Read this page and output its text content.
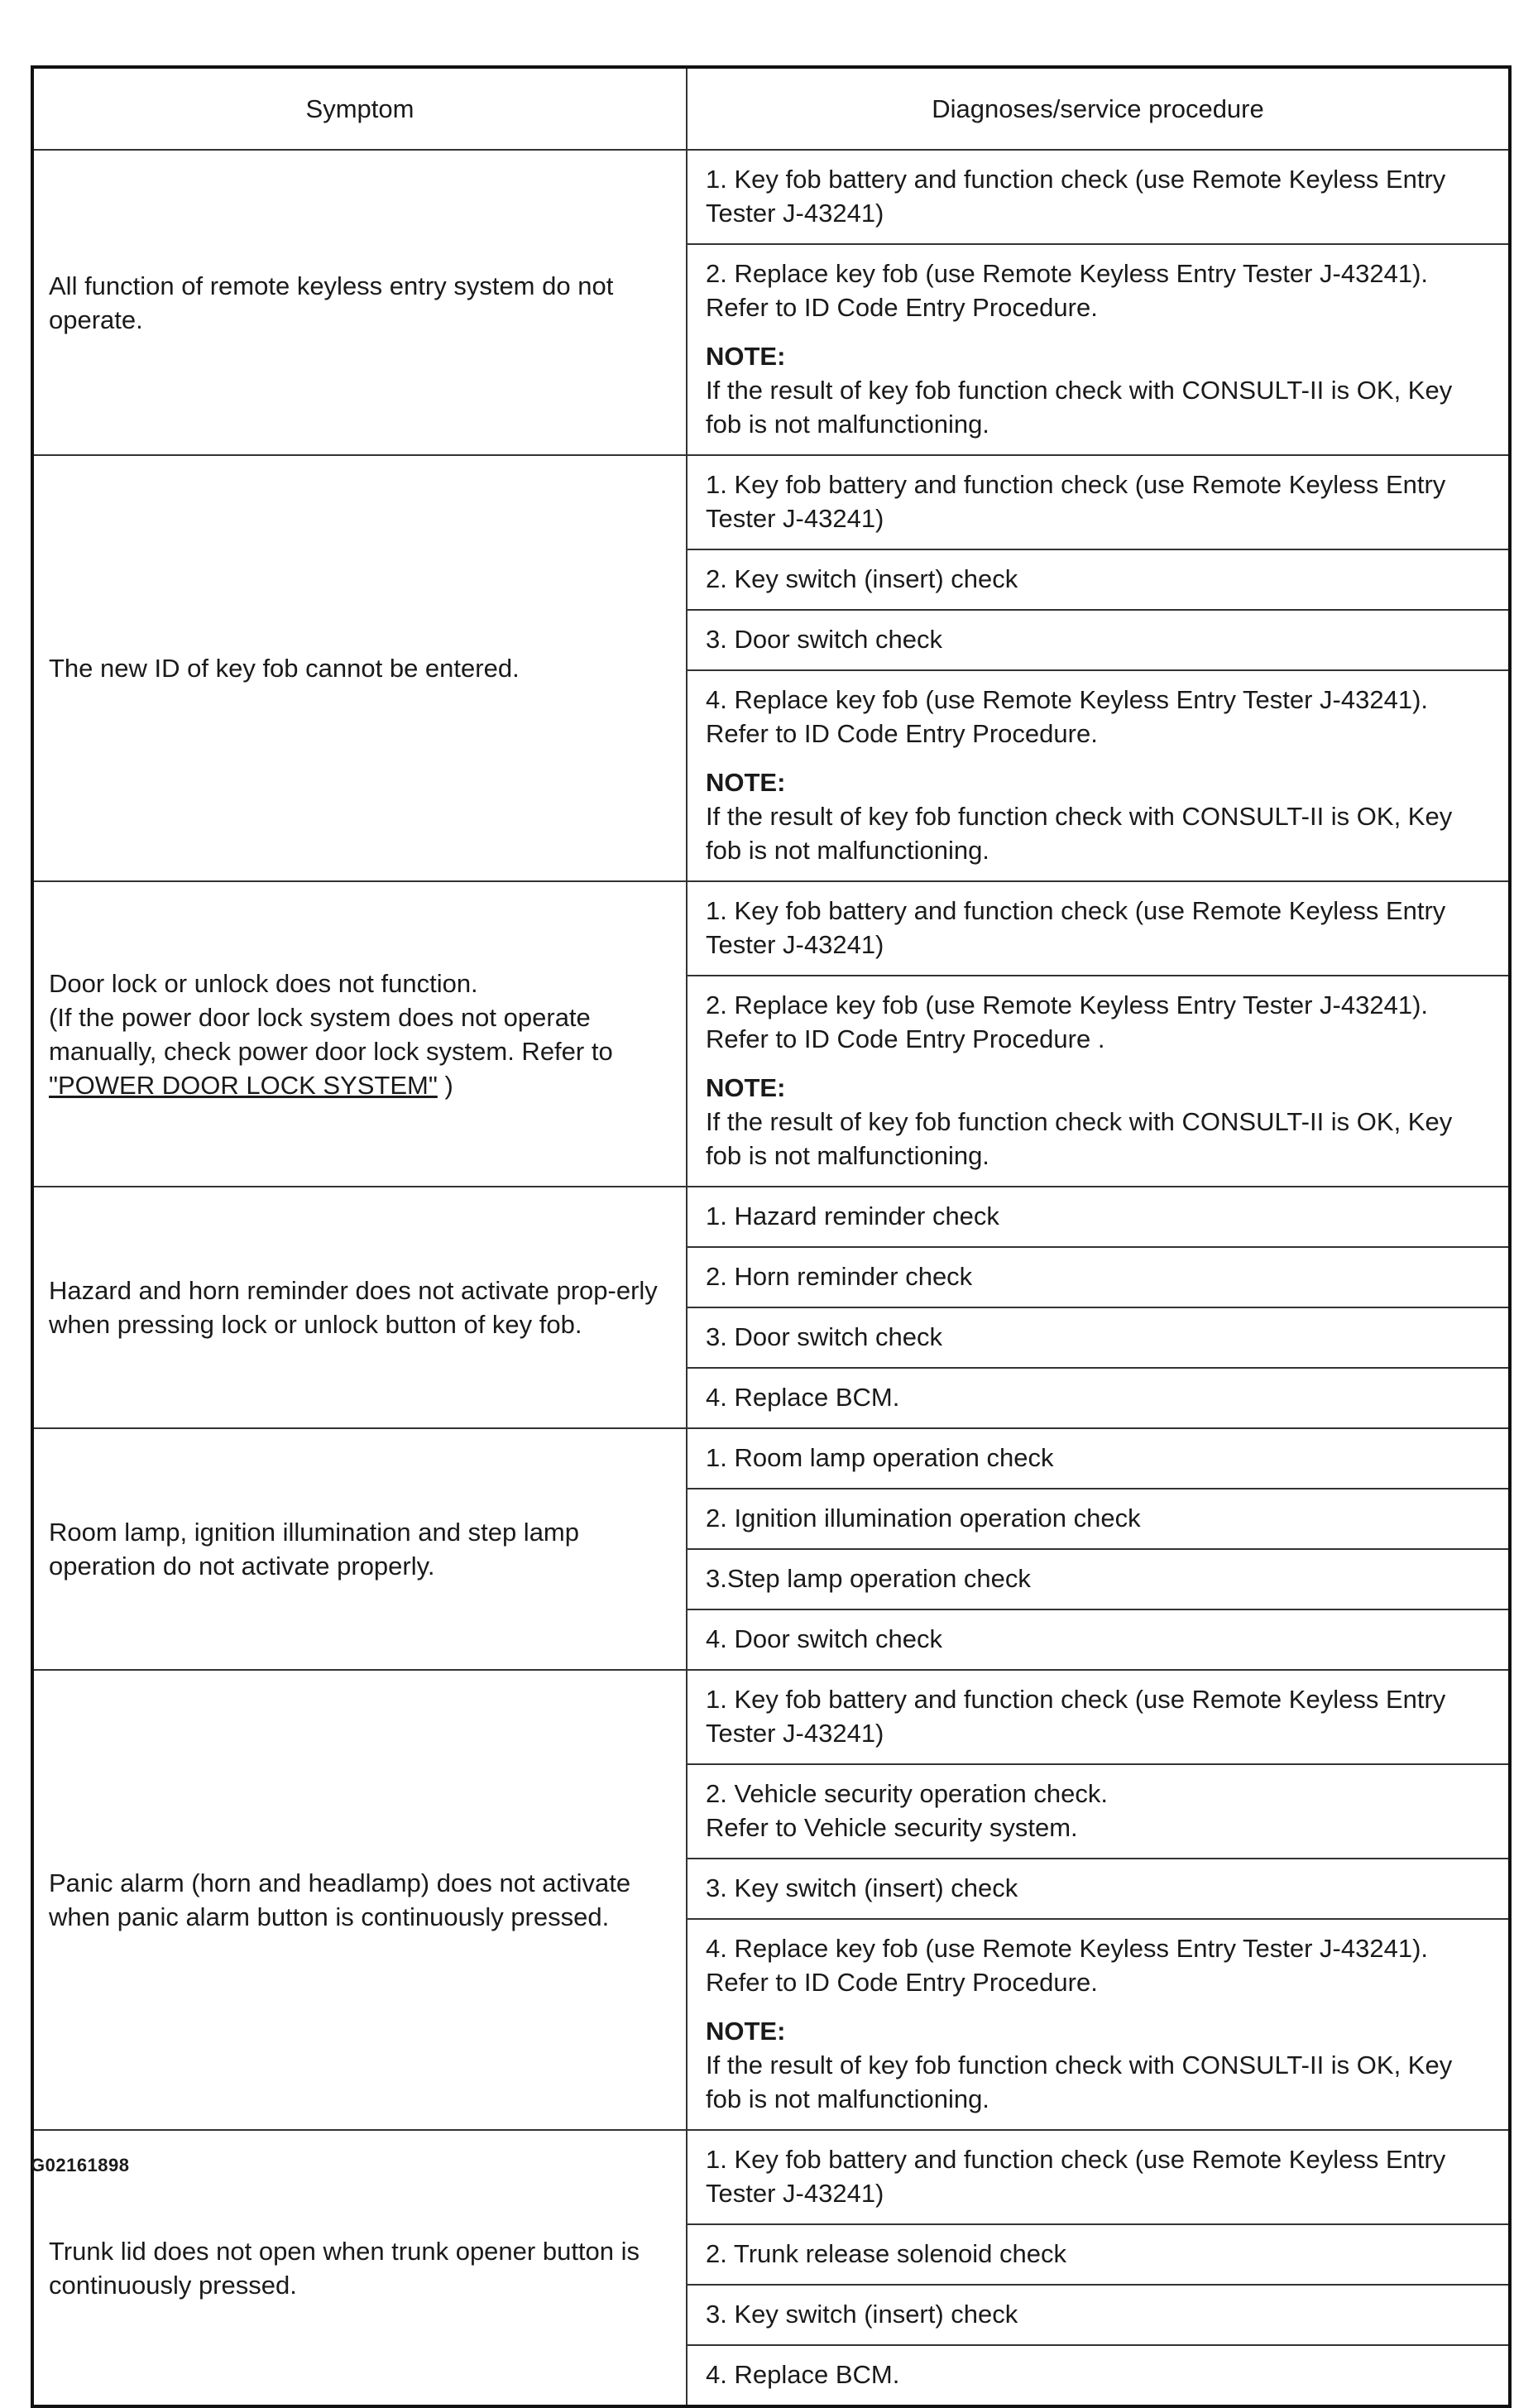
Symptom	Diagnoses/service procedure
All function of remote keyless entry system do not operate.	1. Key fob battery and function check (use Remote Keyless Entry Tester J-43241)
	2. Replace key fob (use Remote Keyless Entry Tester J-43241). Refer to ID Code Entry Procedure.
NOTE:
If the result of key fob function check with CONSULT-II is OK, Key fob is not malfunctioning.
The new ID of key fob cannot be entered.	1. Key fob battery and function check (use Remote Keyless Entry Tester J-43241)
	2. Key switch (insert) check
	3. Door switch check
	4. Replace key fob (use Remote Keyless Entry Tester J-43241). Refer to ID Code Entry Procedure.
NOTE:
If the result of key fob function check with CONSULT-II is OK, Key fob is not malfunctioning.
Door lock or unlock does not function.
(If the power door lock system does not operate manually, check power door lock system. Refer to "POWER DOOR LOCK SYSTEM" )	1. Key fob battery and function check (use Remote Keyless Entry Tester J-43241)
	2. Replace key fob (use Remote Keyless Entry Tester J-43241). Refer to ID Code Entry Procedure .
NOTE:
If the result of key fob function check with CONSULT-II is OK, Key fob is not malfunctioning.
Hazard and horn reminder does not activate prop-erly when pressing lock or unlock button of key fob.	1. Hazard reminder check
	2. Horn reminder check
	3. Door switch check
	4. Replace BCM.
Room lamp, ignition illumination and step lamp operation do not activate properly.	1. Room lamp operation check
	2. Ignition illumination operation check
	3.Step lamp operation check
	4. Door switch check
Panic alarm (horn and headlamp) does not activate when panic alarm button is continuously pressed.	1. Key fob battery and function check (use Remote Keyless Entry Tester J-43241)
	2. Vehicle security operation check.
Refer to Vehicle security system.
	3. Key switch (insert) check
	4. Replace key fob (use Remote Keyless Entry Tester J-43241). Refer to ID Code Entry Procedure.
NOTE:
If the result of key fob function check with CONSULT-II is OK, Key fob is not malfunctioning.
Trunk lid does not open when trunk opener button is continuously pressed.	1. Key fob battery and function check (use Remote Keyless Entry Tester J-43241)
	2. Trunk release solenoid check
	3. Key switch (insert) check
	4. Replace BCM.
G02161898
